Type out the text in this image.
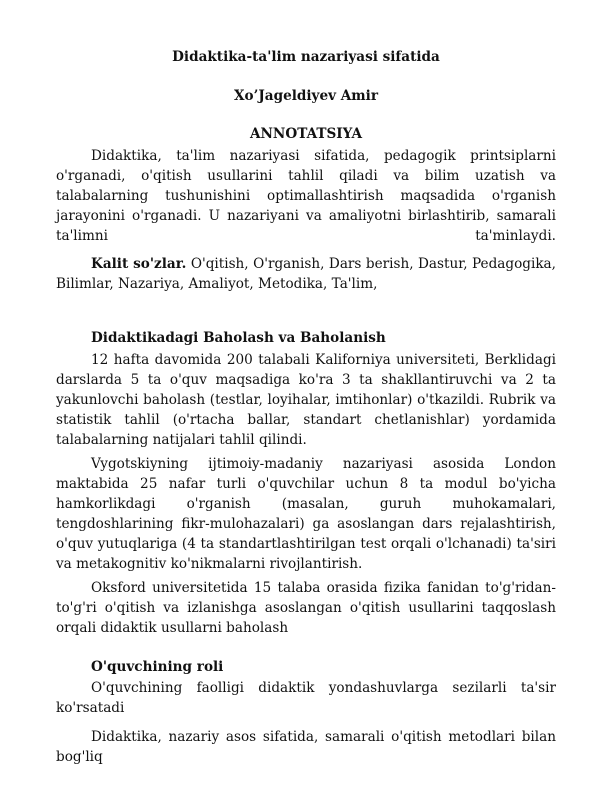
Didaktika-ta'lim nazariyasi sifatida

Xo’Jageldiyev Amir

ANNOTATSIYA

Didaktika, ta'lim nazariyasi sifatida, pedagogik printsiplarni o'rganadi, o'qitish usullarini tahlil qiladi va bilim uzatish va talabalarning tushunishini optimallashtirish maqsadida o'rganish jarayonini o'rganadi. U nazariyani va amaliyotni birlashtirib, samarali ta'limni ta'minlaydi.

Kalit so'zlar. O'qitish, O'rganish, Dars berish, Dastur, Pedagogika, Bilimlar, Nazariya, Amaliyot, Metodika, Ta'lim,

Didaktikadagi Baholash va Baholanish

12 hafta davomida 200 talabali Kaliforniya universiteti, Berklidagi darslarda 5 ta o'quv maqsadiga ko'ra 3 ta shakllantiruvchi va 2 ta yakunlovchi baholash (testlar, loyihalar, imtihonlar) o'tkazildi. Rubrik va statistik tahlil (o'rtacha ballar, standart chetlanishlar) yordamida talabalarning natijalari tahlil qilindi.

Vygotskiyning ijtimoiy-madaniy nazariyasi asosida London maktabida 25 nafar turli o'quvchilar uchun 8 ta modul bo'yicha hamkorlikdagi o'rganish (masalan, guruh muhokamalari, tengdoshlarining fikr-mulohazalari) ga asoslangan dars rejalashtirish, o'quv yutuqlariga (4 ta standartlashtirilgan test orqali o'lchanadi) ta'siri va metakognitiv ko'nikmalarni rivojlantirish.

Oksford universitetida 15 talaba orasida fizika fanidan to'g'ridan-to'g'ri o'qitish va izlanishga asoslangan o'qitish usullarini taqqoslash orqali didaktik usullarni baholash

O'quvchining roli

O'quvchining faolligi didaktik yondashuvlarga sezilarli ta'sir ko'rsatadi

Didaktika, nazariy asos sifatida, samarali o'qitish metodlari bilan bog'liq
